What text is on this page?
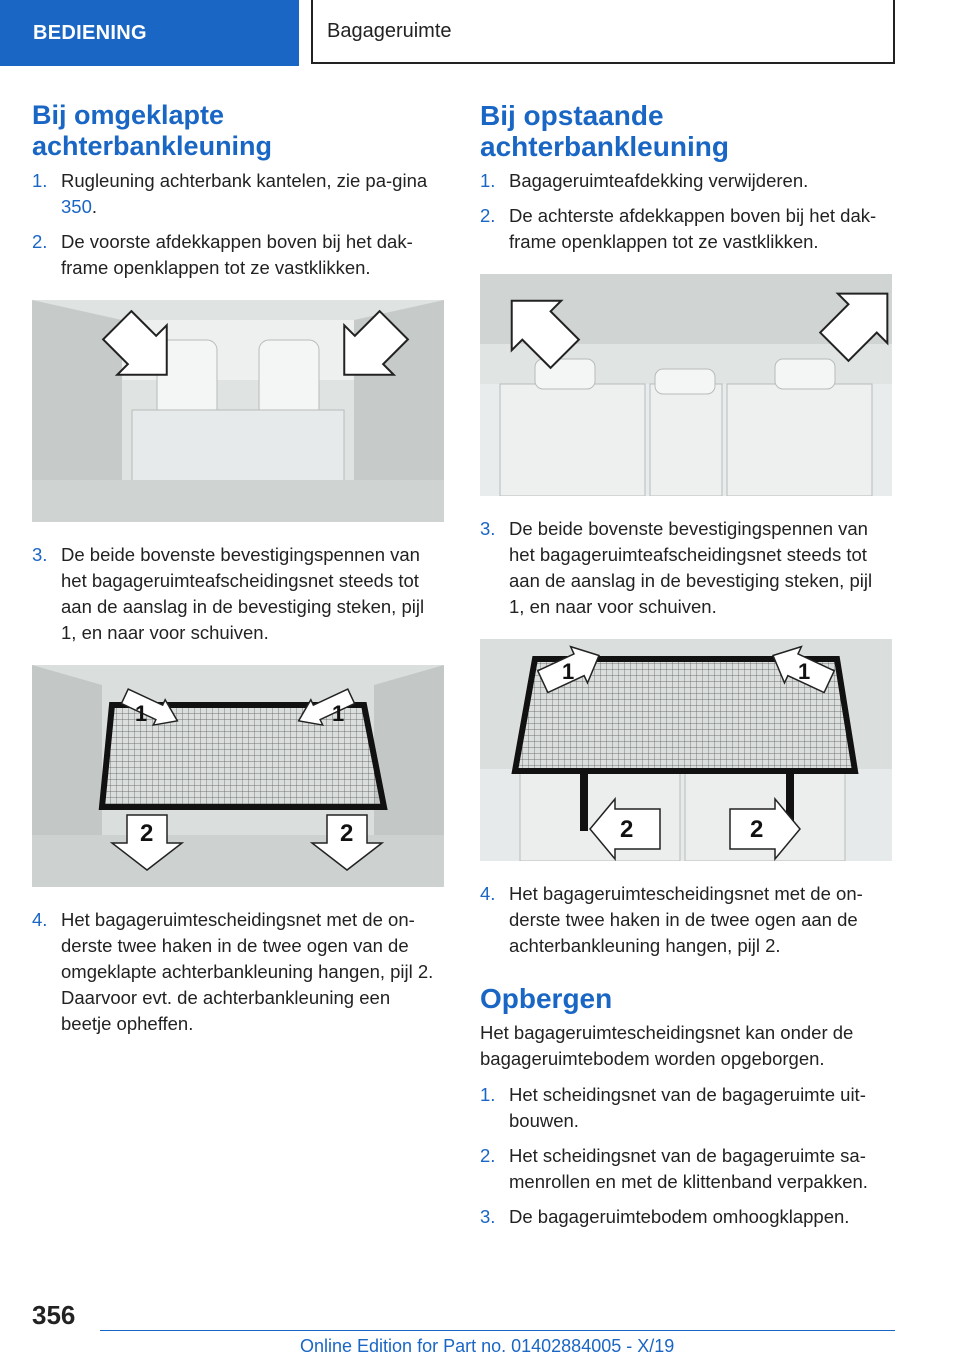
BEDIENING	Bagageruimte
Bij omgeklapte achterbankleuning
1. Rugleuning achterbank kantelen, zie pa-gina 350.
2. De voorste afdekkappen boven bij het dak-frame openklappen tot ze vastklikken.
3. De beide bovenste bevestigingspennen van het bagageruimteafscheidingsnet steeds tot aan de aanslag in de bevestiging steken, pijl 1, en naar voor schuiven.
1	1
2	2
4. Het bagageruimtescheidingsnet met de on-derste twee haken in de twee ogen van de omgeklapte achterbankleuning hangen, pijl 2. Daarvoor evt. de achterbankleuning een beetje opheffen.
Bij opstaande achterbankleuning
1. Bagageruimteafdekking verwijderen.
2. De achterste afdekkappen boven bij het dak-frame openklappen tot ze vastklikken.
3. De beide bovenste bevestigingspennen van het bagageruimteafscheidingsnet steeds tot aan de aanslag in de bevestiging steken, pijl 1, en naar voor schuiven.
1	1
2	2
4. Het bagageruimtescheidingsnet met de on-derste twee haken in de twee ogen aan de achterbankleuning hangen, pijl 2.
Opbergen

Het bagageruimtescheidingsnet kan onder de bagageruimtebodem worden opgeborgen.

1. Het scheidingsnet van de bagageruimte uit-bouwen.
2. Het scheidingsnet van de bagageruimte sa-menrollen en met de klittenband verpakken.
3. De bagageruimtebodem omhoogklappen.
356
Online Edition for Part no. 01402884005 - X/19
